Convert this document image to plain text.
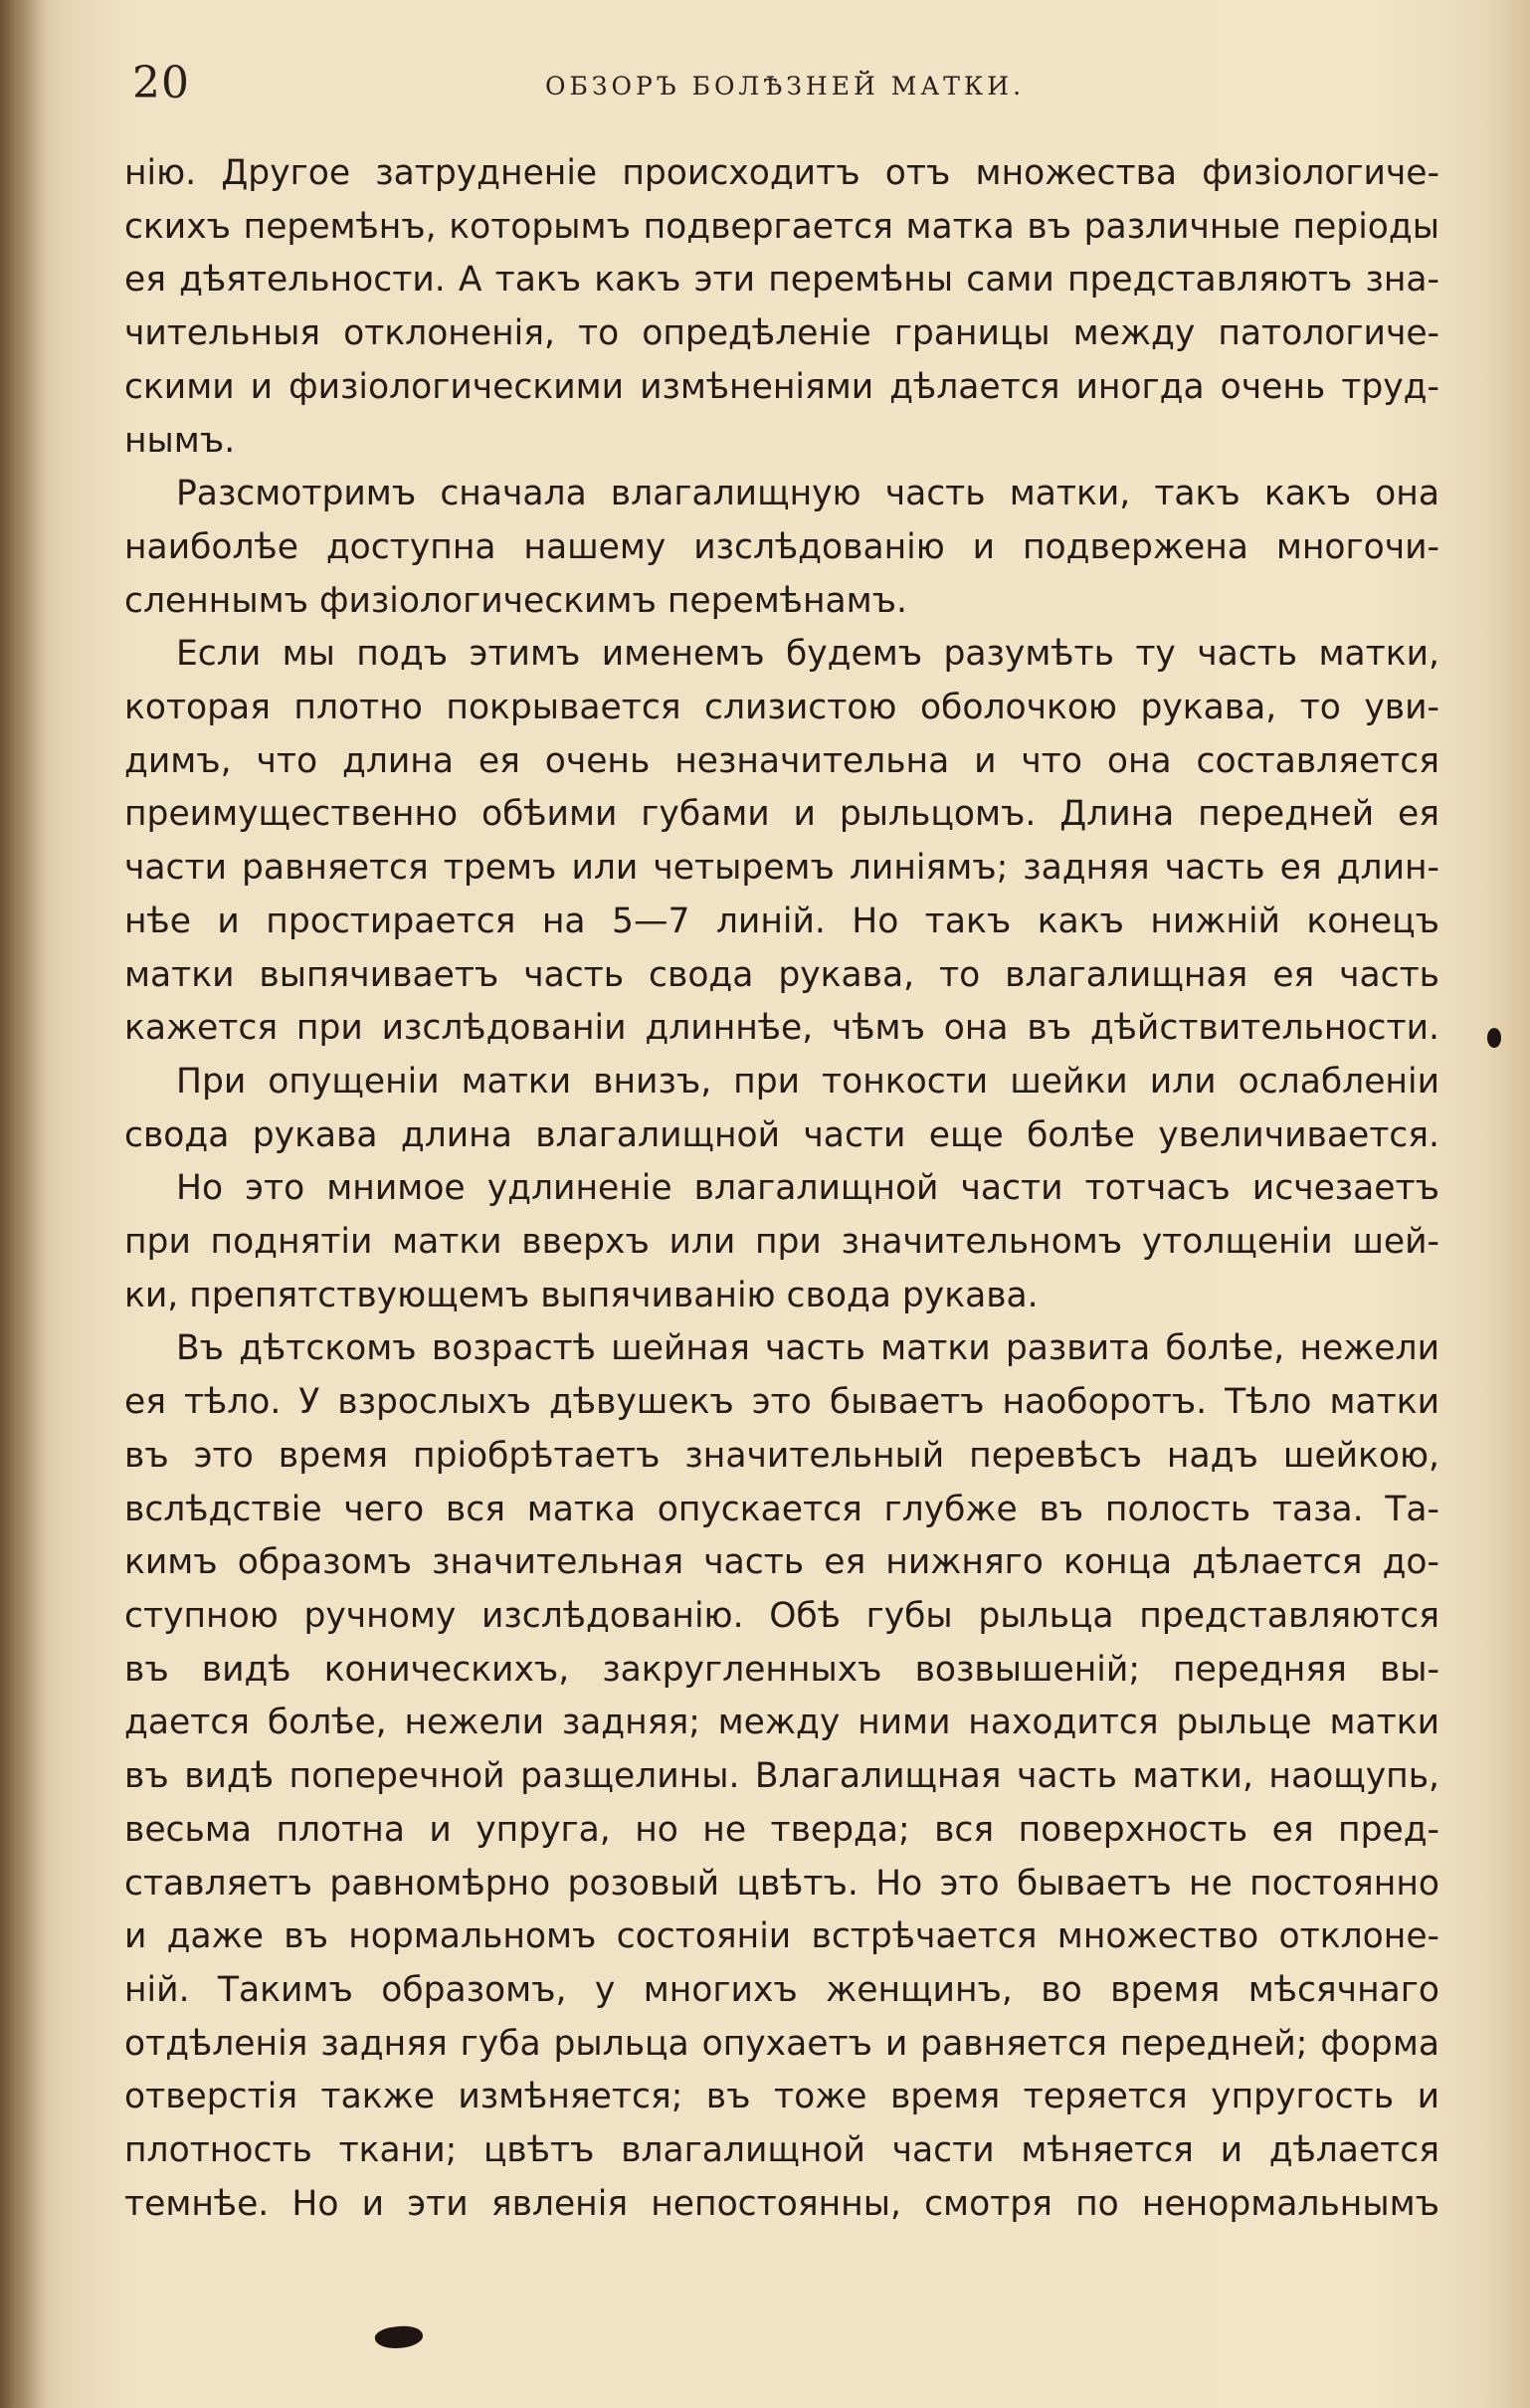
20	ОБЗОРЪ БОЛѢЗНЕЙ МАТКИ.
нію. Другое затрудненіе происходитъ отъ множества физіологиче-
скихъ перемѣнъ, которымъ подвергается матка въ различные періоды
ея дѣятельности. А такъ какъ эти перемѣны сами представляютъ зна-
чительныя отклоненія, то опредѣленіе границы между патологиче-
скими и физіологическими измѣненіями дѣлается иногда очень труд-
нымъ.
Разсмотримъ сначала влагалищную часть матки, такъ какъ она
наиболѣе доступна нашему изслѣдованію и подвержена многочи-
сленнымъ физіологическимъ перемѣнамъ.
Если мы подъ этимъ именемъ будемъ разумѣть ту часть матки,
которая плотно покрывается слизистою оболочкою рукава, то уви-
димъ, что длина ея очень незначительна и что она составляется
преимущественно обѣими губами и рыльцомъ. Длина передней ея
части равняется тремъ или четыремъ линіямъ; задняя часть ея длин-
нѣе и простирается на 5—7 линій. Но такъ какъ нижній конецъ
матки выпячиваетъ часть свода рукава, то влагалищная ея часть
кажется при изслѣдованіи длиннѣе, чѣмъ она въ дѣйствительности.
При опущеніи матки внизъ, при тонкости шейки или ослабленіи
свода рукава длина влагалищной части еще болѣе увеличивается.
Но это мнимое удлиненіе влагалищной части тотчасъ исчезаетъ
при поднятіи матки вверхъ или при значительномъ утолщеніи шей-
ки, препятствующемъ выпячиванію свода рукава.
Въ дѣтскомъ возрастѣ шейная часть матки развита болѣе, нежели
ея тѣло. У взрослыхъ дѣвушекъ это бываетъ наоборотъ. Тѣло матки
въ это время пріобрѣтаетъ значительный перевѣсъ надъ шейкою,
вслѣдствіе чего вся матка опускается глубже въ полость таза. Та-
кимъ образомъ значительная часть ея нижняго конца дѣлается до-
ступною ручному изслѣдованію. Обѣ губы рыльца представляются
въ видѣ коническихъ, закругленныхъ возвышеній; передняя вы-
дается болѣе, нежели задняя; между ними находится рыльце матки
въ видѣ поперечной разщелины. Влагалищная часть матки, наощупь,
весьма плотна и упруга, но не тверда; вся поверхность ея пред-
ставляетъ равномѣрно розовый цвѣтъ. Но это бываетъ не постоянно
и даже въ нормальномъ состояніи встрѣчается множество отклоне-
ній. Такимъ образомъ, у многихъ женщинъ, во время мѣсячнаго
отдѣленія задняя губа рыльца опухаетъ и равняется передней; форма
отверстія также измѣняется; въ тоже время теряется упругость и
плотность ткани; цвѣтъ влагалищной части мѣняется и дѣлается
темнѣе. Но и эти явленія непостоянны, смотря по ненормальнымъ
